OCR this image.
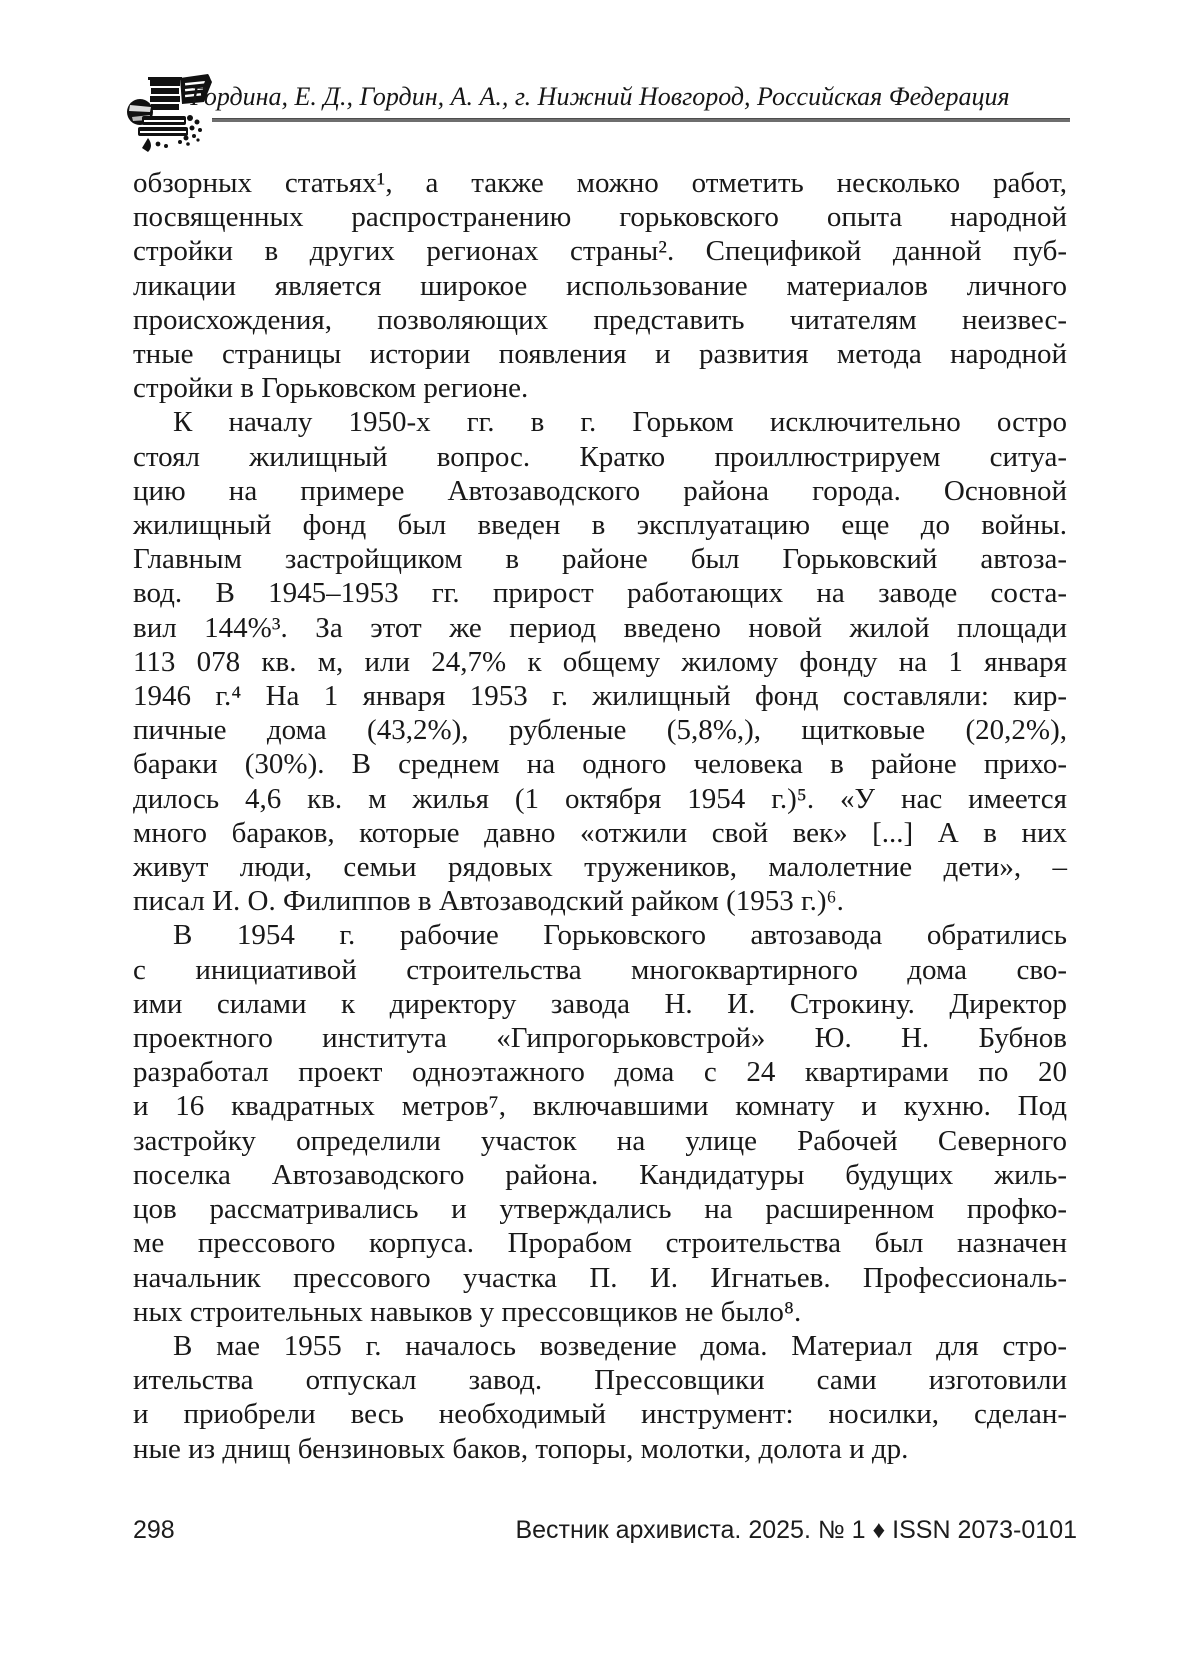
Гордина, Е. Д., Гордин, А. А., г. Нижний Новгород, Российская Федерация
обзорных статьях¹, а также можно отметить несколько работ,
посвященных распространению горьковского опыта народной
стройки в других регионах страны². Спецификой данной пуб-
ликации является широкое использование материалов личного
происхождения, позволяющих представить читателям неизвес-
тные страницы истории появления и развития метода народной
стройки в Горьковском регионе.
К началу 1950-х гг. в г. Горьком исключительно остро
стоял жилищный вопрос. Кратко проиллюстрируем ситуа-
цию на примере Автозаводского района города. Основной
жилищный фонд был введен в эксплуатацию еще до войны.
Главным застройщиком в районе был Горьковский автоза-
вод. В 1945–1953 гг. прирост работающих на заводе соста-
вил 144%³. За этот же период введено новой жилой площади
113 078 кв. м, или 24,7% к общему жилому фонду на 1 января
1946 г.⁴ На 1 января 1953 г. жилищный фонд составляли: кир-
пичные дома (43,2%), рубленые (5,8%,), щитковые (20,2%),
бараки (30%). В среднем на одного человека в районе прихо-
дилось 4,6 кв. м жилья (1 октября 1954 г.)⁵. «У нас имеется
много бараков, которые давно «отжили свой век» [...] А в них
живут люди, семьи рядовых тружеников, малолетние дети», –
писал И. О. Филиппов в Автозаводский райком (1953 г.)⁶.
В 1954 г. рабочие Горьковского автозавода обратились
с инициативой строительства многоквартирного дома сво-
ими силами к директору завода Н. И. Строкину. Директор
проектного института «Гипрогорьковстрой» Ю. Н. Бубнов
разработал проект одноэтажного дома с 24 квартирами по 20
и 16 квадратных метров⁷, включавшими комнату и кухню. Под
застройку определили участок на улице Рабочей Северного
поселка Автозаводского района. Кандидатуры будущих жиль-
цов рассматривались и утверждались на расширенном профко-
ме прессового корпуса. Прорабом строительства был назначен
начальник прессового участка П. И. Игнатьев. Профессиональ-
ных строительных навыков у прессовщиков не было⁸.
В мае 1955 г. началось возведение дома. Материал для стро-
ительства отпускал завод. Прессовщики сами изготовили
и приобрели весь необходимый инструмент: носилки, сделан-
ные из днищ бензиновых баков, топоры, молотки, долота и др.
298	Вестник архивиста. 2025. № 1 ♦ ISSN 2073-0101
